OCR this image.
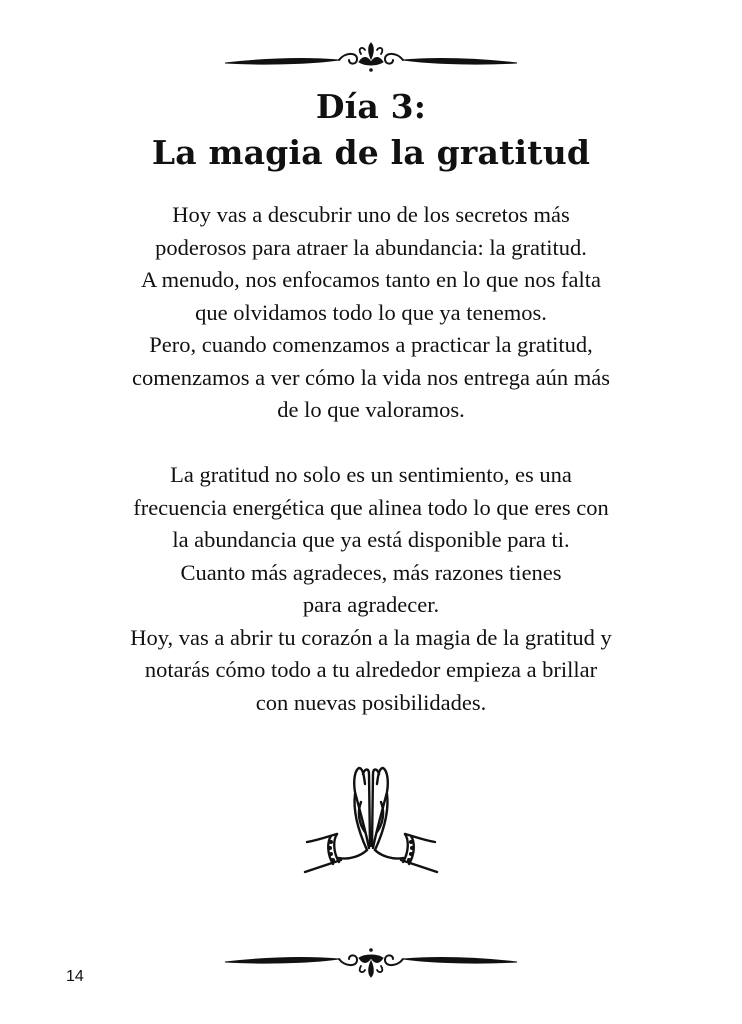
Día 3:
La magia de la gratitud
Hoy vas a descubrir uno de los secretos más
poderosos para atraer la abundancia: la gratitud.
A menudo, nos enfocamos tanto en lo que nos falta
que olvidamos todo lo que ya tenemos.
Pero, cuando comenzamos a practicar la gratitud,
comenzamos a ver cómo la vida nos entrega aún más
de lo que valoramos.
La gratitud no solo es un sentimiento, es una
frecuencia energética que alinea todo lo que eres con
la abundancia que ya está disponible para ti.
Cuanto más agradeces, más razones tienes
para agradecer.
Hoy, vas a abrir tu corazón a la magia de la gratitud y
notarás cómo todo a tu alrededor empieza a brillar
con nuevas posibilidades.
14
